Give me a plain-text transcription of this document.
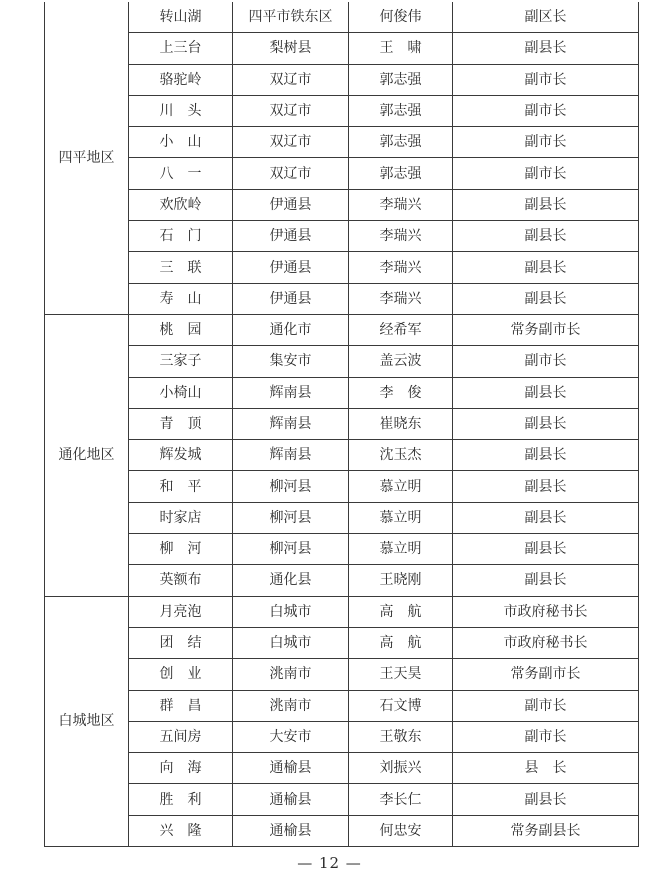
四平地区	转山湖	四平市铁东区	何俊伟	副区长
	上三台	梨树县	王　啸	副县长
	骆驼岭	双辽市	郭志强	副市长
	川　头	双辽市	郭志强	副市长
	小　山	双辽市	郭志强	副市长
	八　一	双辽市	郭志强	副市长
	欢欣岭	伊通县	李瑞兴	副县长
	石　门	伊通县	李瑞兴	副县长
	三　联	伊通县	李瑞兴	副县长
	寿　山	伊通县	李瑞兴	副县长
通化地区	桃　园	通化市	经希军	常务副市长
	三家子	集安市	盖云波	副市长
	小椅山	辉南县	李　俊	副县长
	青　顶	辉南县	崔晓东	副县长
	辉发城	辉南县	沈玉杰	副县长
	和　平	柳河县	慕立明	副县长
	时家店	柳河县	慕立明	副县长
	柳　河	柳河县	慕立明	副县长
	英额布	通化县	王晓刚	副县长
白城地区	月亮泡	白城市	高　航	市政府秘书长
	团　结	白城市	高　航	市政府秘书长
	创　业	洮南市	王天昊	常务副市长
	群　昌	洮南市	石文博	副市长
	五间房	大安市	王敬东	副市长
	向　海	通榆县	刘振兴	县　长
	胜　利	通榆县	李长仁	副县长
	兴　隆	通榆县	何忠安	常务副县长
— 12 —
